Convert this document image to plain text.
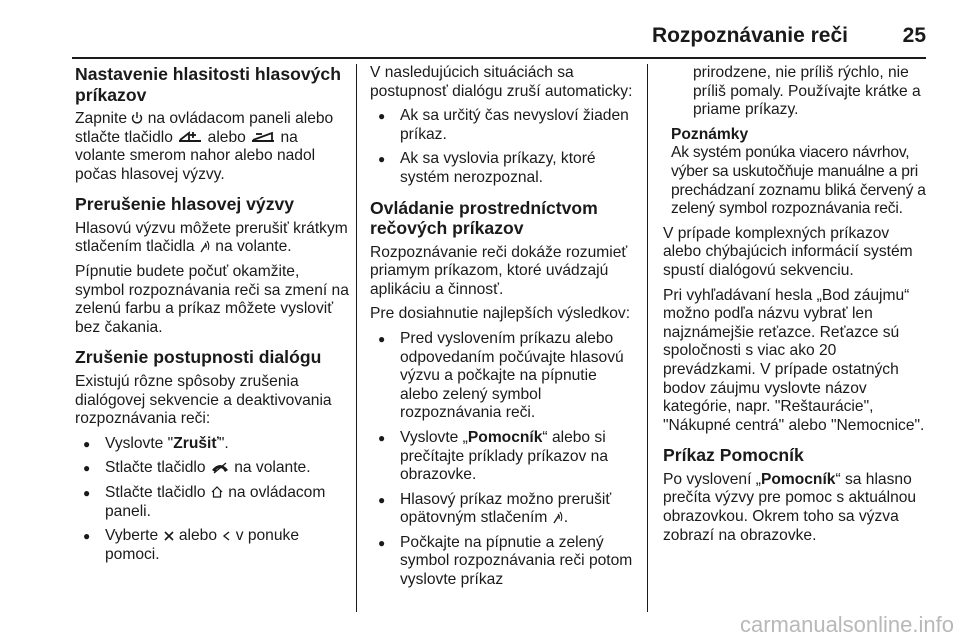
Rozpoznávanie reči	25
Nastavenie hlasitosti hlasových príkazov

Zapnite na ovládacom paneli alebo stlačte tlačidlo alebo na volante smerom nahor alebo nadol počas hlasovej výzvy.

Prerušenie hlasovej výzvy

Hlasovú výzvu môžete prerušiť krátkym stlačením tlačidla na volante.

Pípnutie budete počuť okamžite, symbol rozpoznávania reči sa zmení na zelenú farbu a príkaz môžete vysloviť bez čakania.

Zrušenie postupnosti dialógu

Existujú rôzne spôsoby zrušenia dialógovej sekvencie a deaktivovania rozpoznávania reči:

● Vyslovte "Zrušiť".
● Stlačte tlačidlo na volante.
● Stlačte tlačidlo na ovládacom paneli.
● Vyberte alebo v ponuke pomoci.

V nasledujúcich situáciách sa postupnosť dialógu zruší automaticky:

● Ak sa určitý čas nevysloví žiaden príkaz.
● Ak sa vyslovia príkazy, ktoré systém nerozpoznal.
Ovládanie prostredníctvom rečových príkazov

Rozpoznávanie reči dokáže rozumieť priamym príkazom, ktoré uvádzajú aplikáciu a činnosť.

Pre dosiahnutie najlepších výsledkov:

● Pred vyslovením príkazu alebo odpovedaním počúvajte hlasovú výzvu a počkajte na pípnutie alebo zelený symbol rozpoznávania reči.
● Vyslovte „Pomocník“ alebo si prečítajte príklady príkazov na obrazovke.
● Hlasový príkaz možno prerušiť opätovným stlačením .
● Počkajte na pípnutie a zelený symbol rozpoznávania reči potom vyslovte príkaz
prirodzene, nie príliš rýchlo, nie príliš pomaly. Používajte krátke a priame príkazy.
Poznámky
Ak systém ponúka viacero návrhov, výber sa uskutočňuje manuálne a pri prechádzaní zoznamu bliká červený a zelený symbol rozpoznávania reči.

V prípade komplexných príkazov alebo chýbajúcich informácií systém spustí dialógovú sekvenciu.

Pri vyhľadávaní hesla „Bod záujmu“ možno podľa názvu vybrať len najznámejšie reťazce. Reťazce sú spoločnosti s viac ako 20 prevádzkami. V prípade ostatných bodov záujmu vyslovte názov kategórie, napr. "Reštaurácie", "Nákupné centrá" alebo "Nemocnice".

Príkaz Pomocník

Po vyslovení „Pomocník“ sa hlasno prečíta výzvy pre pomoc s aktuálnou obrazovkou. Okrem toho sa výzva zobrazí na obrazovke.

carmanualsonline.info
